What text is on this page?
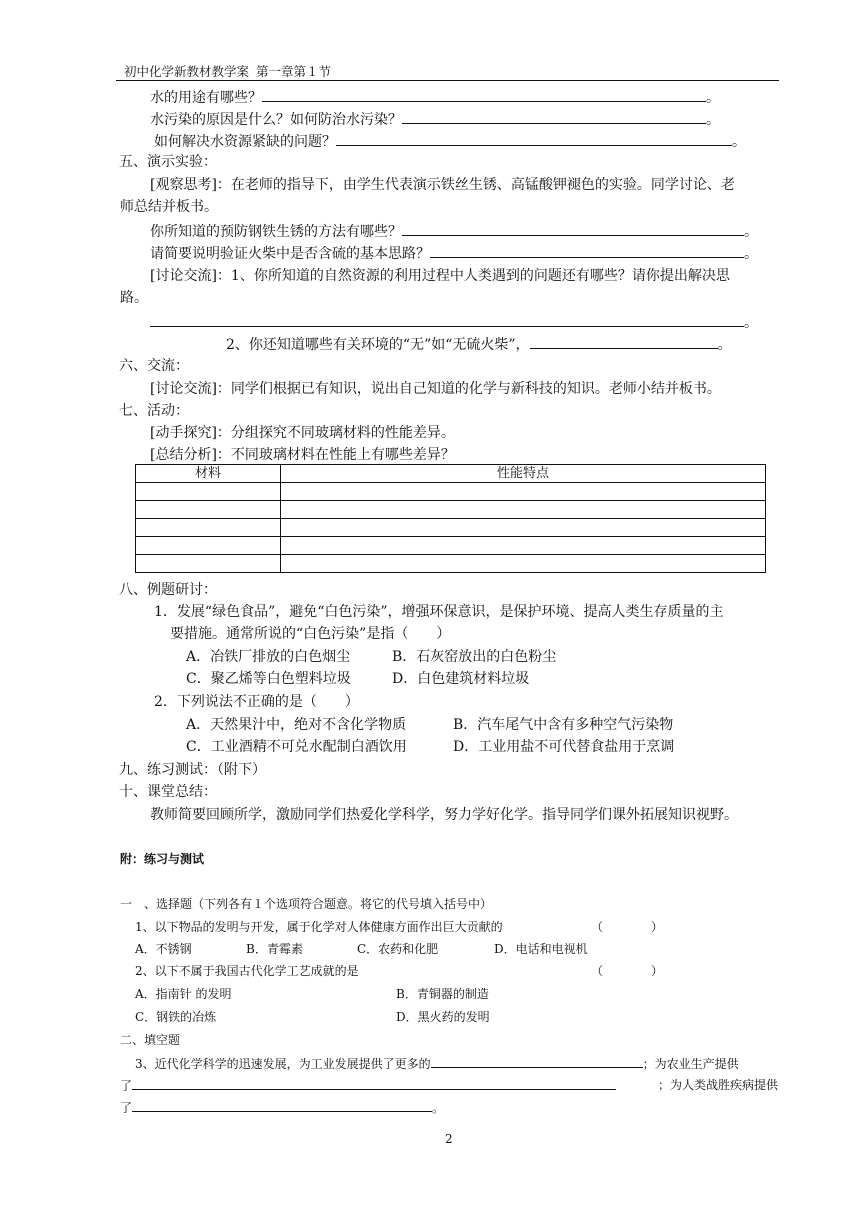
初中化学新教材教学案 第一章第１节
水的用途有哪些？	。
水污染的原因是什么？如何防治水污染？	。
如何解决水资源紧缺的问题？	。
五、演示实验：
[观察思考]：在老师的指导下，由学生代表演示铁丝生锈、高锰酸钾褪色的实验。同学讨论、老
师总结并板书。
你所知道的预防钢铁生锈的方法有哪些？	。
请简要说明验证火柴中是否含硫的基本思路？	。
[讨论交流]：1、你所知道的自然资源的利用过程中人类遇到的问题还有哪些？请你提出解决思
路。
。
2、你还知道哪些有关环境的“无”如“无硫火柴”，	。
六、交流：
[讨论交流]：同学们根据已有知识，说出自己知道的化学与新科技的知识。老师小结并板书。
七、活动：
[动手探究]：分组探究不同玻璃材料的性能差异。
[总结分析]：不同玻璃材料在性能上有哪些差异？
材料	性能特点

八、例题研讨：
1．发展“绿色食品”，避免“白色污染”，增强环保意识，是保护环境、提高人类生存质量的主
要措施。通常所说的“白色污染”是指（　　）
A．冶铁厂排放的白色烟尘	B．石灰窑放出的白色粉尘
C．聚乙烯等白色塑料垃圾	D．白色建筑材料垃圾
2．下列说法不正确的是（　　）
A．天然果汁中，绝对不含化学物质	B．汽车尾气中含有多种空气污染物
C．工业酒精不可兑水配制白酒饮用	D．工业用盐不可代替食盐用于烹调
九、练习测试：（附下）
十、课堂总结：
教师简要回顾所学，激励同学们热爱化学科学，努力学好化学。指导同学们课外拓展知识视野。
附：练习与测试
一　、选择题（下列各有１个选项符合题意。将它的代号填入括号中）
1、以下物品的发明与开发，属于化学对人体健康方面作出巨大贡献的	（　　　　）
A．不锈钢	B．青霉素	C．农药和化肥	D．电话和电视机
2、以下不属于我国古代化学工艺成就的是	（　　　　）
A．指南针 的发明	B．青铜器的制造
C．钢铁的冶炼	D．黑火药的发明
二、填空题
3、近代化学科学的迅速发展，为工业发展提供了更多的	；为农业生产提供
了	；为人类战胜疾病提供
了	。
2
